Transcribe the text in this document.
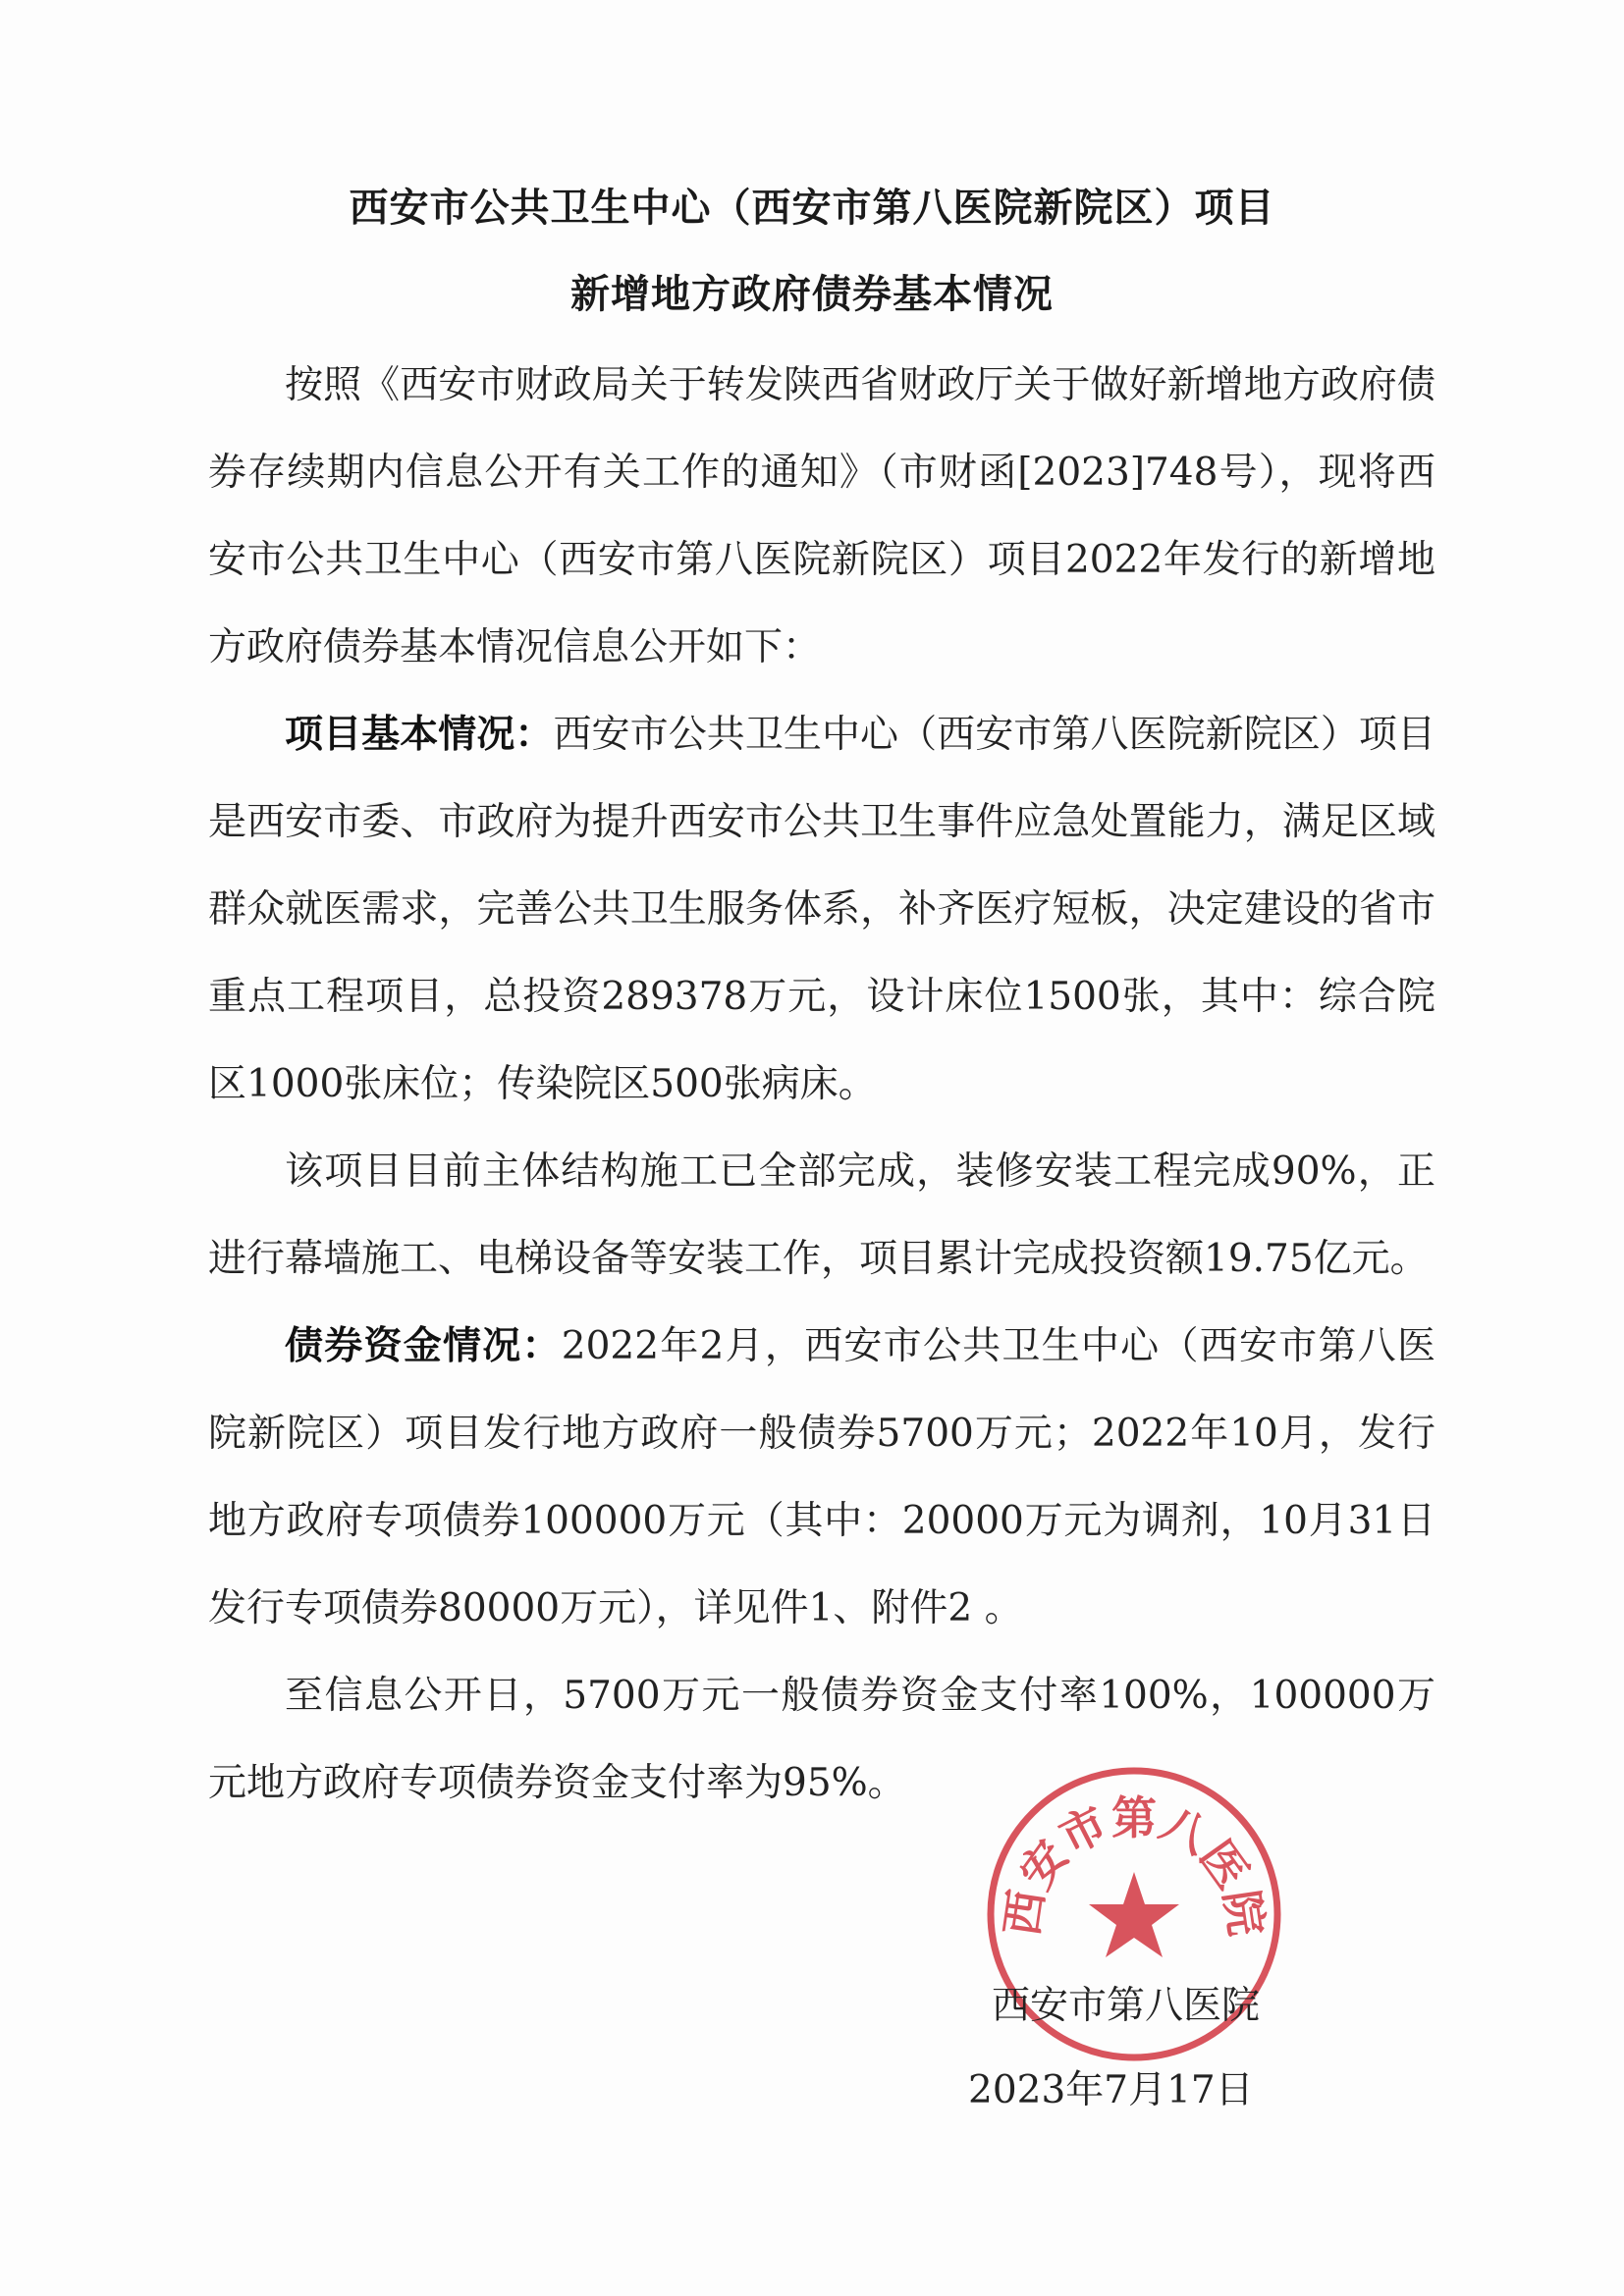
西安市公共卫生中心（西安市第八医院新院区）项目
新增地方政府债券基本情况

按照《西安市财政局关于转发陕西省财政厅关于做好新增地方政府债券存续期内信息公开有关工作的通知》（市财函[2023]748号），现将西安市公共卫生中心（西安市第八医院新院区）项目2022年发行的新增地方政府债券基本情况信息公开如下：

项目基本情况：西安市公共卫生中心（西安市第八医院新院区）项目是西安市委、市政府为提升西安市公共卫生事件应急处置能力，满足区域群众就医需求，完善公共卫生服务体系，补齐医疗短板，决定建设的省市重点工程项目，总投资289378万元，设计床位1500张，其中：综合院区1000张床位；传染院区500张病床。

该项目目前主体结构施工已全部完成，装修安装工程完成90%，正进行幕墙施工、电梯设备等安装工作，项目累计完成投资额19.75亿元。

债券资金情况：2022年2月，西安市公共卫生中心（西安市第八医院新院区）项目发行地方政府一般债券5700万元；2022年10月，发行地方政府专项债券100000万元（其中：20000万元为调剂，10月31日发行专项债券80000万元），详见件1、附件2 。

至信息公开日，5700万元一般债券资金支付率100%，100000万元地方政府专项债券资金支付率为95%。

西安市第八医院
西安市第八医院
2023年7月17日
